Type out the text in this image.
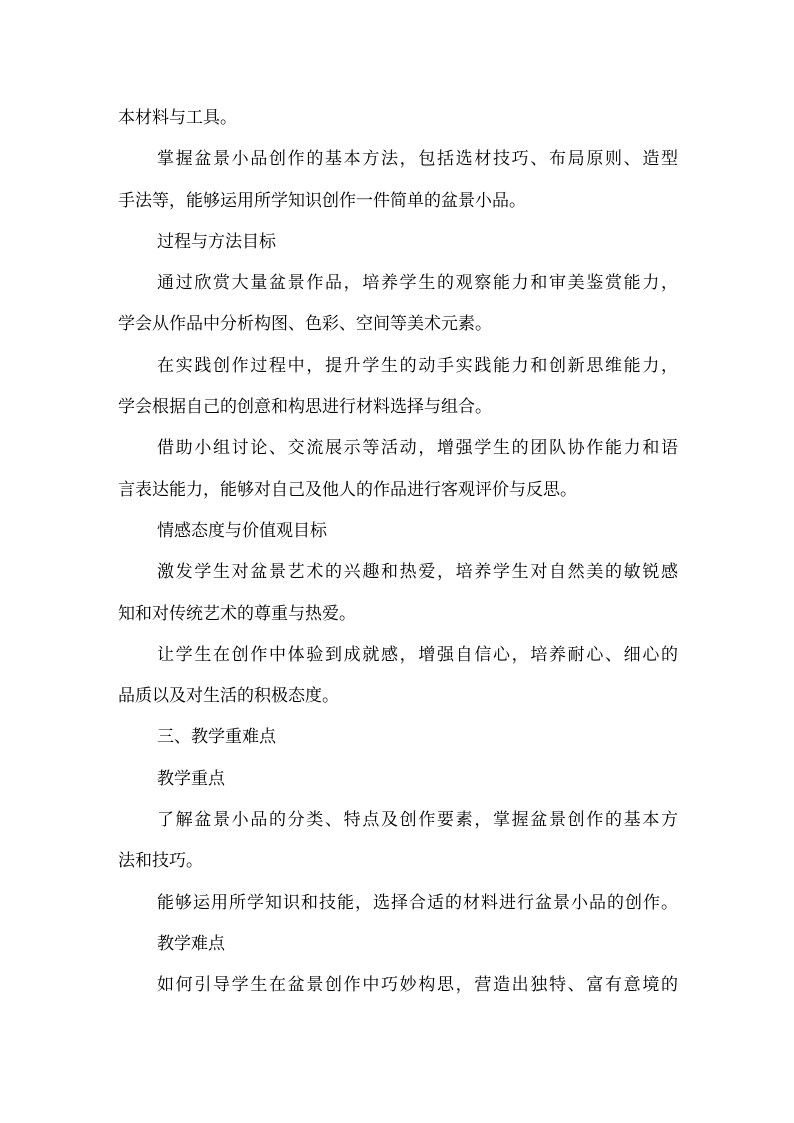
本材料与工具。
掌握盆景小品创作的基本方法，包括选材技巧、布局原则、造型
手法等，能够运用所学知识创作一件简单的盆景小品。
过程与方法目标
通过欣赏大量盆景作品，培养学生的观察能力和审美鉴赏能力，
学会从作品中分析构图、色彩、空间等美术元素。
在实践创作过程中，提升学生的动手实践能力和创新思维能力，
学会根据自己的创意和构思进行材料选择与组合。
借助小组讨论、交流展示等活动，增强学生的团队协作能力和语
言表达能力，能够对自己及他人的作品进行客观评价与反思。
情感态度与价值观目标
激发学生对盆景艺术的兴趣和热爱，培养学生对自然美的敏锐感
知和对传统艺术的尊重与热爱。
让学生在创作中体验到成就感，增强自信心，培养耐心、细心的
品质以及对生活的积极态度。
三、教学重难点
教学重点
了解盆景小品的分类、特点及创作要素，掌握盆景创作的基本方
法和技巧。
能够运用所学知识和技能，选择合适的材料进行盆景小品的创作。
教学难点
如何引导学生在盆景创作中巧妙构思，营造出独特、富有意境的
